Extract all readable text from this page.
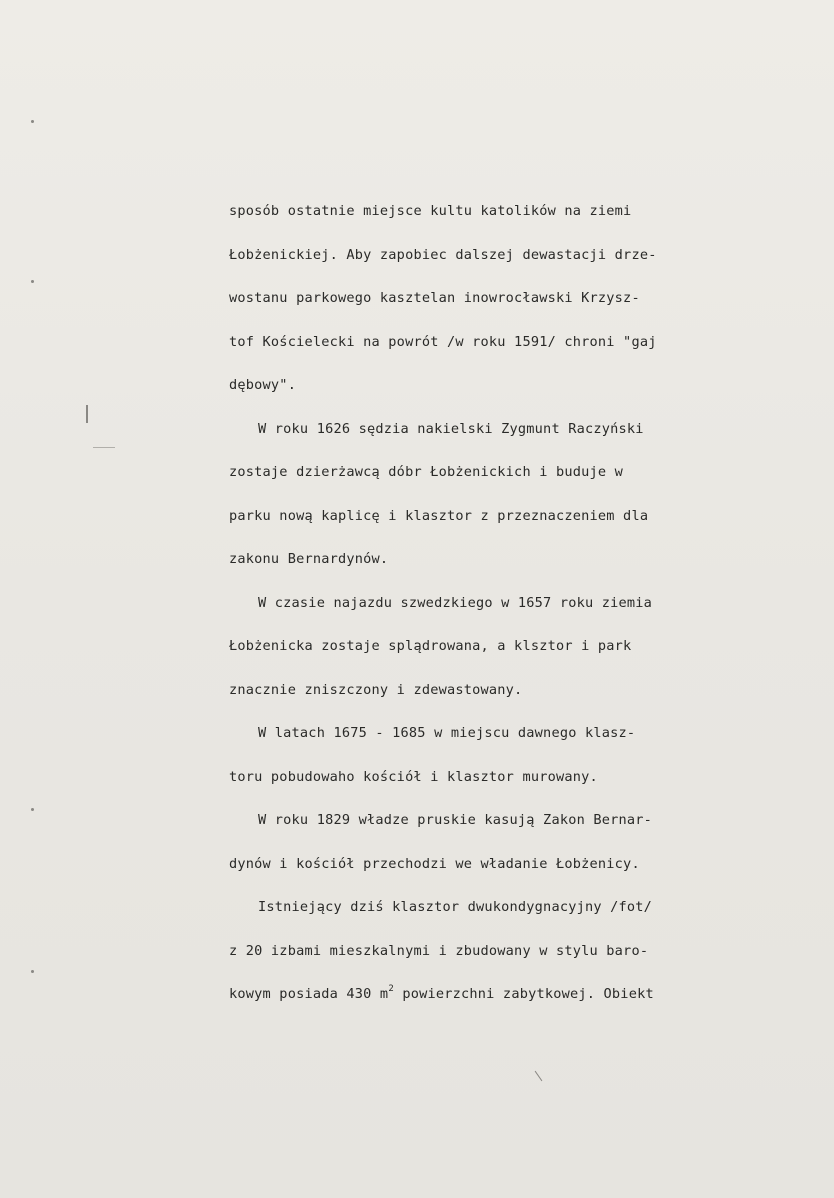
sposób ostatnie miejsce kultu katolików na ziemi
Łobżenickiej. Aby zapobiec dalszej dewastacji drze-
wostanu parkowego kasztelan inowrocławski Krzysz-
tof Kościelecki na powrót /w roku 1591/ chroni "gaj
dębowy".
W roku 1626 sędzia nakielski Zygmunt Raczyński
zostaje dzierżawcą dóbr Łobżenickich i buduje w
parku nową kaplicę i klasztor z przeznaczeniem dla
zakonu Bernardynów.
W czasie najazdu szwedzkiego w 1657 roku ziemia
Łobżenicka zostaje splądrowana, a klsztor i park
znacznie zniszczony i zdewastowany.
W latach 1675 - 1685 w miejscu dawnego klasz-
toru pobudowaho kościół i klasztor murowany.
W roku 1829 władze pruskie kasują Zakon Bernar-
dynów i kościół przechodzi we władanie Łobżenicy.
Istniejący dziś klasztor dwukondygnacyjny /fot/
z 20 izbami mieszkalnymi i zbudowany w stylu baro-
kowym posiada 430 $m^2$ powierzchni zabytkowej. Obiekt
